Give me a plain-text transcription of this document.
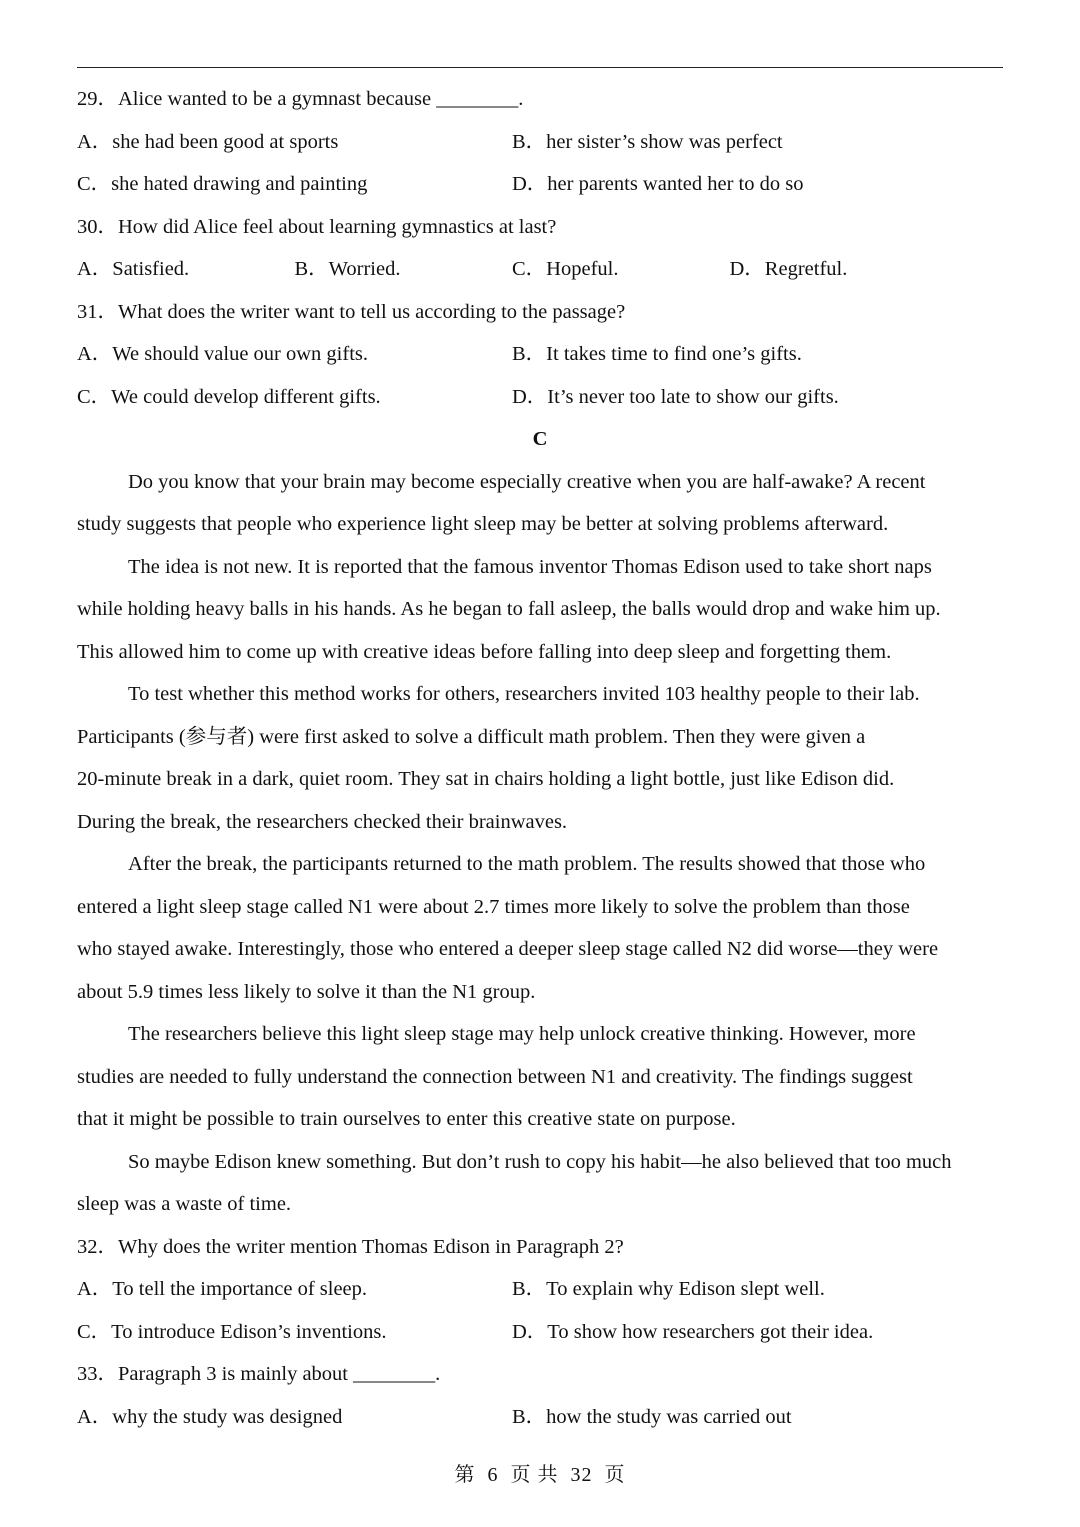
29．Alice wanted to be a gymnast because ________.
A．she had been good at sports	B．her sister’s show was perfect
C．she hated drawing and painting	D．her parents wanted her to do so
30．How did Alice feel about learning gymnastics at last?
A．Satisfied.	B．Worried.	C．Hopeful.	D．Regretful.
31．What does the writer want to tell us according to the passage?
A．We should value our own gifts.	B．It takes time to find one’s gifts.
C．We could develop different gifts.	D．It’s never too late to show our gifts.
C
Do you know that your brain may become especially creative when you are half-awake? A recent
study suggests that people who experience light sleep may be better at solving problems afterward.
The idea is not new. It is reported that the famous inventor Thomas Edison used to take short naps
while holding heavy balls in his hands. As he began to fall asleep, the balls would drop and wake him up.
This allowed him to come up with creative ideas before falling into deep sleep and forgetting them.
To test whether this method works for others, researchers invited 103 healthy people to their lab.
Participants (参与者) were first asked to solve a difficult math problem. Then they were given a
20-minute break in a dark, quiet room. They sat in chairs holding a light bottle, just like Edison did.
During the break, the researchers checked their brainwaves.
After the break, the participants returned to the math problem. The results showed that those who
entered a light sleep stage called N1 were about 2.7 times more likely to solve the problem than those
who stayed awake. Interestingly, those who entered a deeper sleep stage called N2 did worse—they were
about 5.9 times less likely to solve it than the N1 group.
The researchers believe this light sleep stage may help unlock creative thinking. However, more
studies are needed to fully understand the connection between N1 and creativity. The findings suggest
that it might be possible to train ourselves to enter this creative state on purpose.
So maybe Edison knew something. But don’t rush to copy his habit—he also believed that too much
sleep was a waste of time.
32．Why does the writer mention Thomas Edison in Paragraph 2?
A．To tell the importance of sleep.	B．To explain why Edison slept well.
C．To introduce Edison’s inventions.	D．To show how researchers got their idea.
33．Paragraph 3 is mainly about ________.
A．why the study was designed	B．how the study was carried out
第 6 页 共 32 页
